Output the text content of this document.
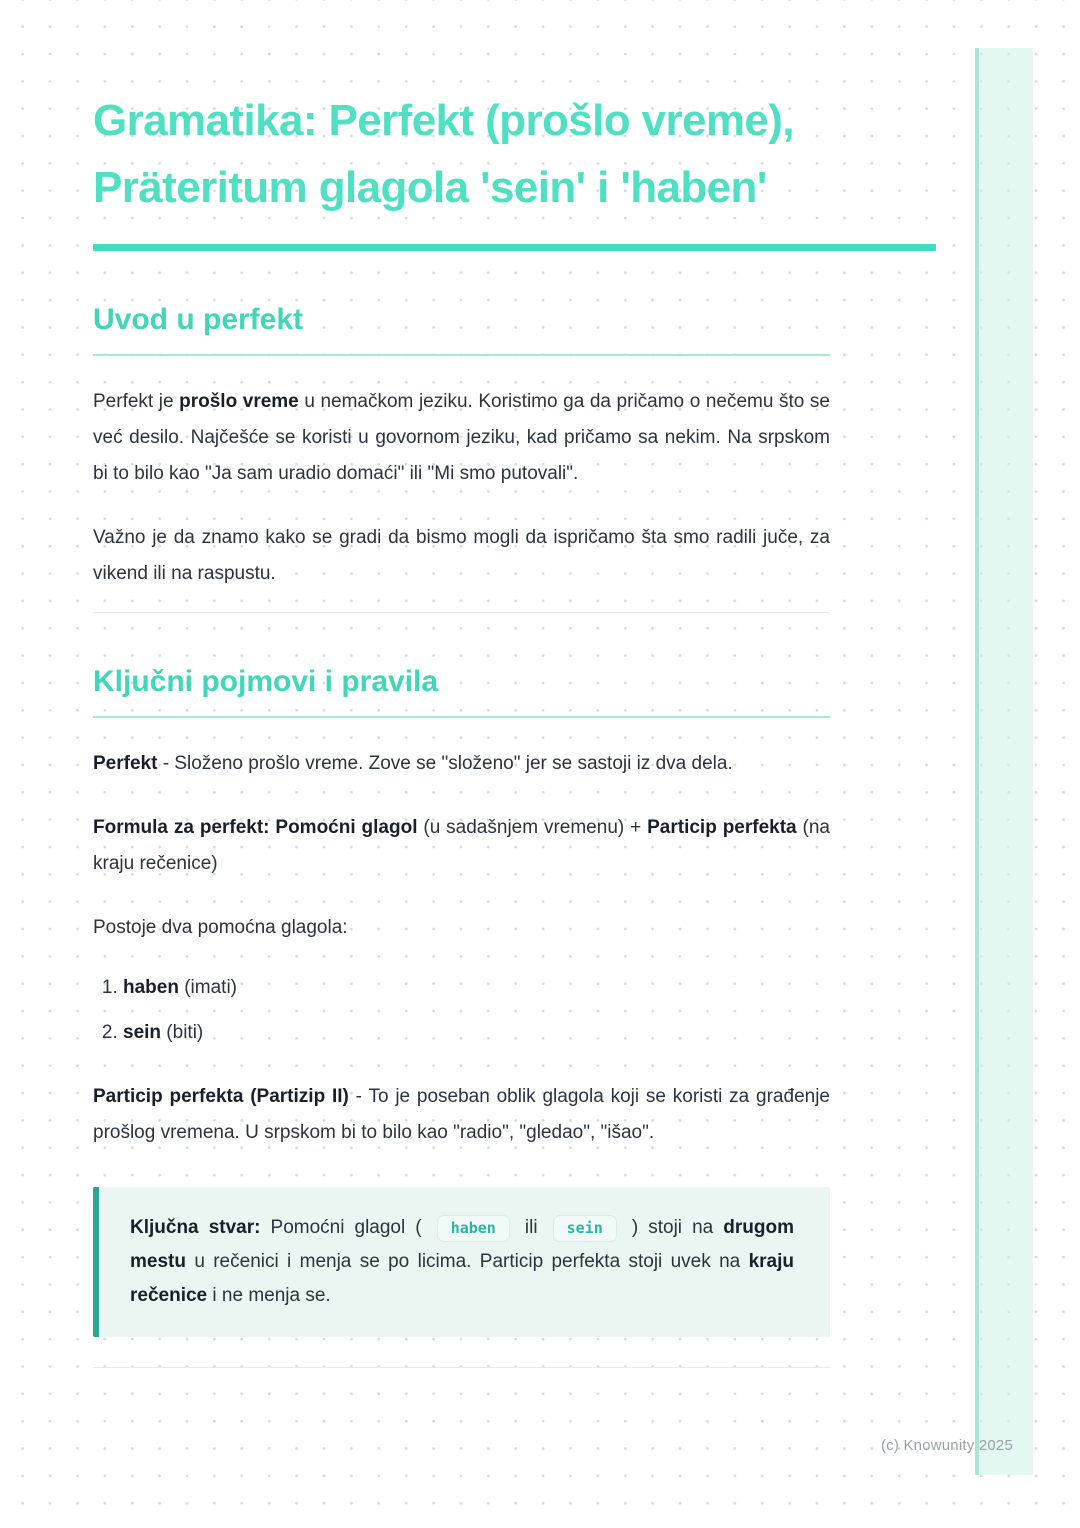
Gramatika: Perfekt (prošlo vreme), Präteritum glagola 'sein' i 'haben'
Uvod u perfekt

Perfekt je prošlo vreme u nemačkom jeziku. Koristimo ga da pričamo o nečemu što se već desilo. Najčešće se koristi u govornom jeziku, kad pričamo sa nekim. Na srpskom bi to bilo kao "Ja sam uradio domaći" ili "Mi smo putovali".

Važno je da znamo kako se gradi da bismo mogli da ispričamo šta smo radili juče, za vikend ili na raspustu.

Ključni pojmovi i pravila

Perfekt - Složeno prošlo vreme. Zove se "složeno" jer se sastoji iz dva dela.

Formula za perfekt: Pomoćni glagol (u sadašnjem vremenu) + Particip perfekta (na kraju rečenice)

Postoje dva pomoćna glagola:

1. haben (imati)
2. sein (biti)

Particip perfekta (Partizip II) - To je poseban oblik glagola koji se koristi za građenje prošlog vremena. U srpskom bi to bilo kao "radio", "gledao", "išao".

Ključna stvar: Pomoćni glagol ( haben ili sein ) stoji na drugom mestu u rečenici i menja se po licima. Particip perfekta stoji uvek na kraju rečenice i ne menja se.

(c) Knowunity 2025
